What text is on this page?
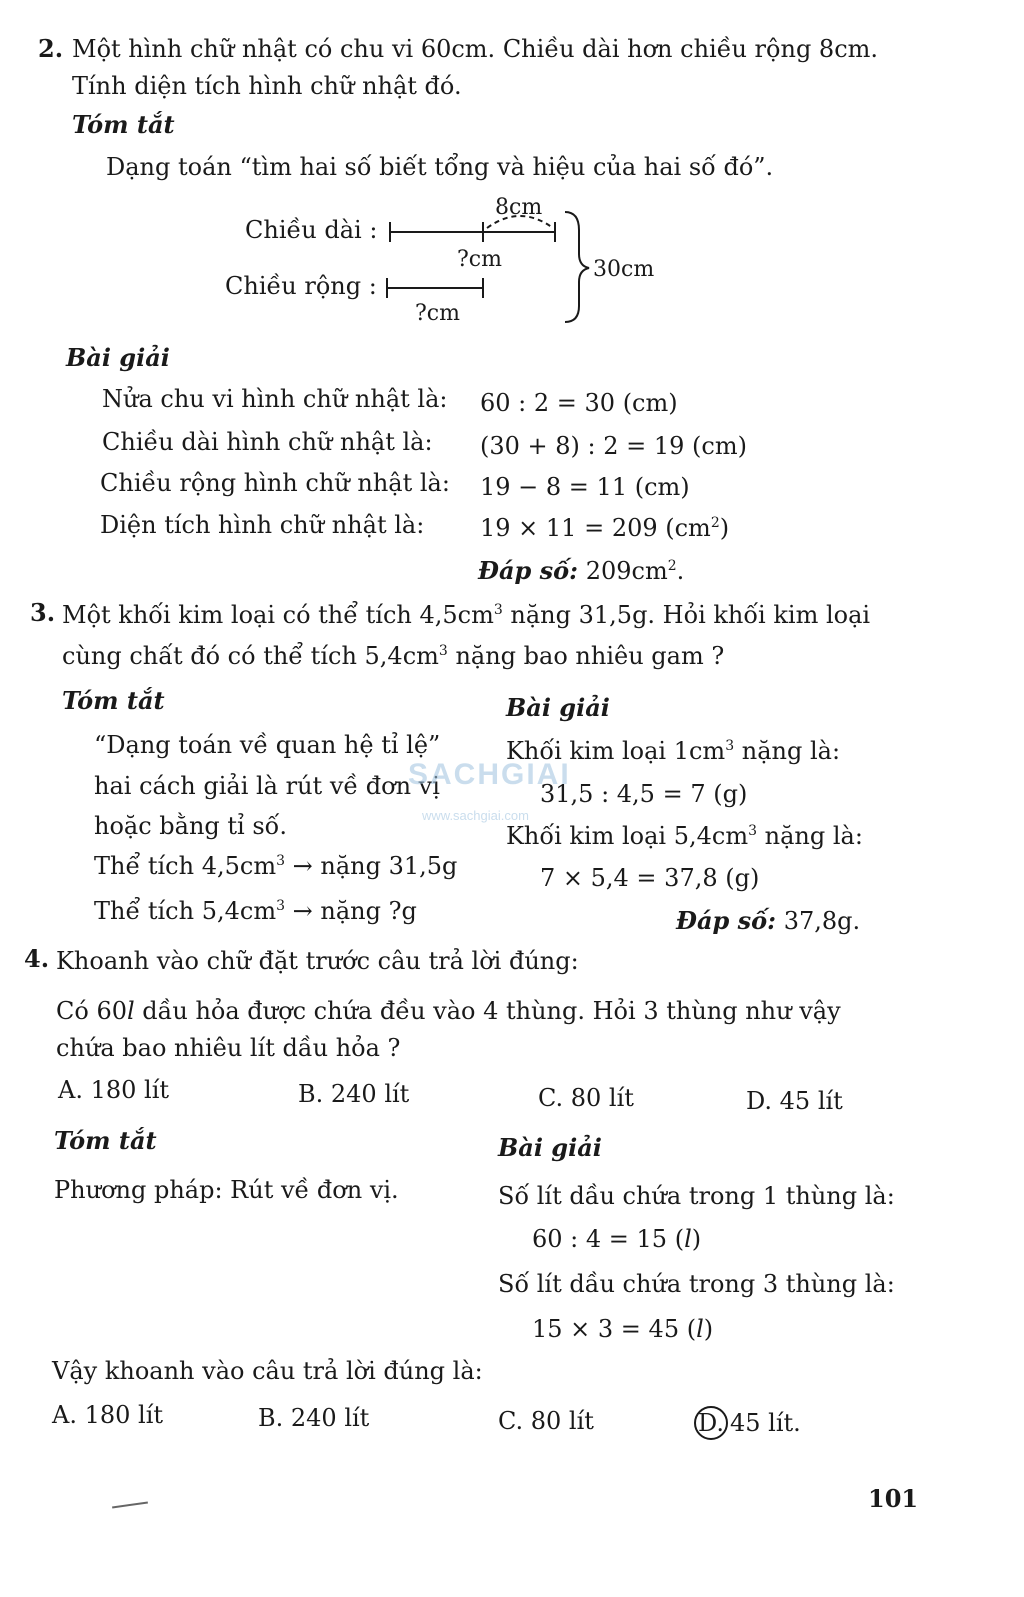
2. Một hình chữ nhật có chu vi 60cm. Chiều dài hơn chiều rộng 8cm.
Tính diện tích hình chữ nhật đó.
Tóm tắt
Dạng toán “tìm hai số biết tổng và hiệu của hai số đó”.
Chiều dài :
Chiều rộng :
8cm
?cm
?cm
30cm
Bài giải
Nửa chu vi hình chữ nhật là: 60 : 2 = 30 (cm)
Chiều dài hình chữ nhật là: (30 + 8) : 2 = 19 (cm)
Chiều rộng hình chữ nhật là: 19 − 8 = 11 (cm)
Diện tích hình chữ nhật là: 19 × 11 = 209 $(cm^2)$
Đáp số: $209cm^2$.
3. Một khối kim loại có thể tích $4,5cm^3$ nặng 31,5g. Hỏi khối kim loại
cùng chất đó có thể tích $5,4cm^3$ nặng bao nhiêu gam ?
Tóm tắt
“Dạng toán về quan hệ tỉ lệ”
hai cách giải là rút về đơn vị
hoặc bằng tỉ số.
Thể tích $4,5cm^3$ → nặng 31,5g
Thể tích $5,4cm^3$ → nặng ?g
Bài giải
Khối kim loại $1cm^3$ nặng là:
31,5 : 4,5 = 7 (g)
Khối kim loại $5,4cm^3$ nặng là:
7 × 5,4 = 37,8 (g)
Đáp số: 37,8g.
SACHGIAI
www.sachgiai.com
4. Khoanh vào chữ đặt trước câu trả lời đúng:
Có 60l dầu hỏa được chứa đều vào 4 thùng. Hỏi 3 thùng như vậy
chứa bao nhiêu lít dầu hỏa ?
A. 180 lít	B. 240 lít	C. 80 lít	D. 45 lít
Tóm tắt
Phương pháp: Rút về đơn vị.
Bài giải
Số lít dầu chứa trong 1 thùng là:
60 : 4 = 15 (l)
Số lít dầu chứa trong 3 thùng là:
15 × 3 = 45 (l)
Vậy khoanh vào câu trả lời đúng là:
A. 180 lít	B. 240 lít	C. 80 lít	D. 45 lít.
101
